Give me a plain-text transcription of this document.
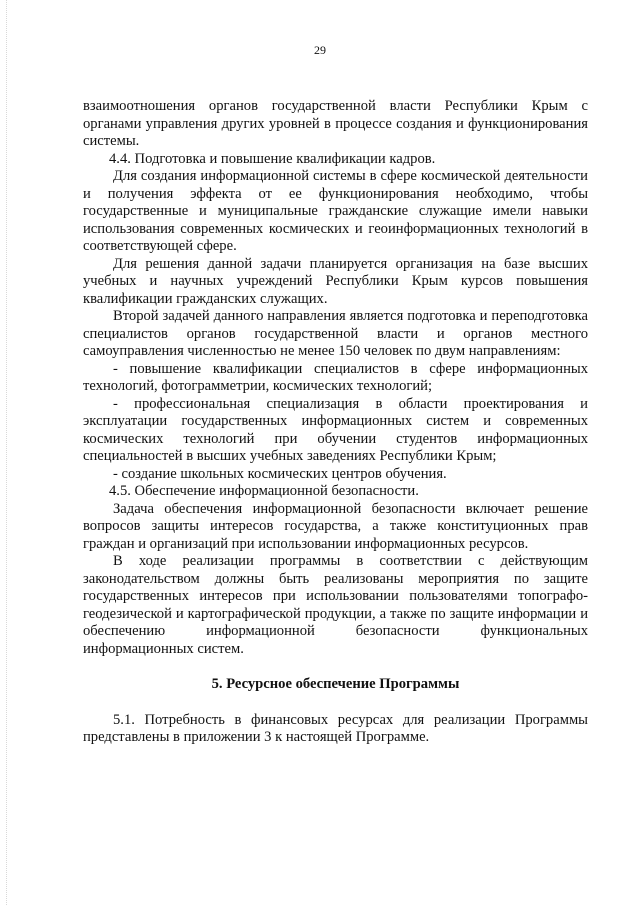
29

взаимоотношения органов государственной власти Республики Крым с органами управления других уровней в процессе создания и функционирования системы.

4.4. Подготовка и повышение квалификации кадров.

Для создания информационной системы в сфере космической деятельности и получения эффекта от ее функционирования необходимо, чтобы государственные и муниципальные гражданские служащие имели навыки использования современных космических и геоинформационных технологий в соответствующей сфере.

Для решения данной задачи планируется организация на базе высших учебных и научных учреждений Республики Крым курсов повышения квалификации гражданских служащих.

Второй задачей данного направления является подготовка и переподготовка специалистов органов государственной власти и органов местного самоуправления численностью не менее 150 человек по двум направлениям:

- повышение квалификации специалистов в сфере информационных технологий, фотограмметрии, космических технологий;

- профессиональная специализация в области проектирования и эксплуатации государственных информационных систем и современных космических технологий при обучении студентов информационных специальностей в высших учебных заведениях Республики Крым;

- создание школьных космических центров обучения.

4.5. Обеспечение информационной безопасности.

Задача обеспечения информационной безопасности включает решение вопросов защиты интересов государства, а также конституционных прав граждан и организаций при использовании информационных ресурсов.

В ходе реализации программы в соответствии с действующим законодательством должны быть реализованы мероприятия по защите государственных интересов при использовании пользователями топографо-геодезической и картографической продукции, а также по защите информации и обеспечению информационной безопасности функциональных информационных систем.

5. Ресурсное обеспечение Программы

5.1. Потребность в финансовых ресурсах для реализации Программы представлены в приложении 3 к настоящей Программе.
